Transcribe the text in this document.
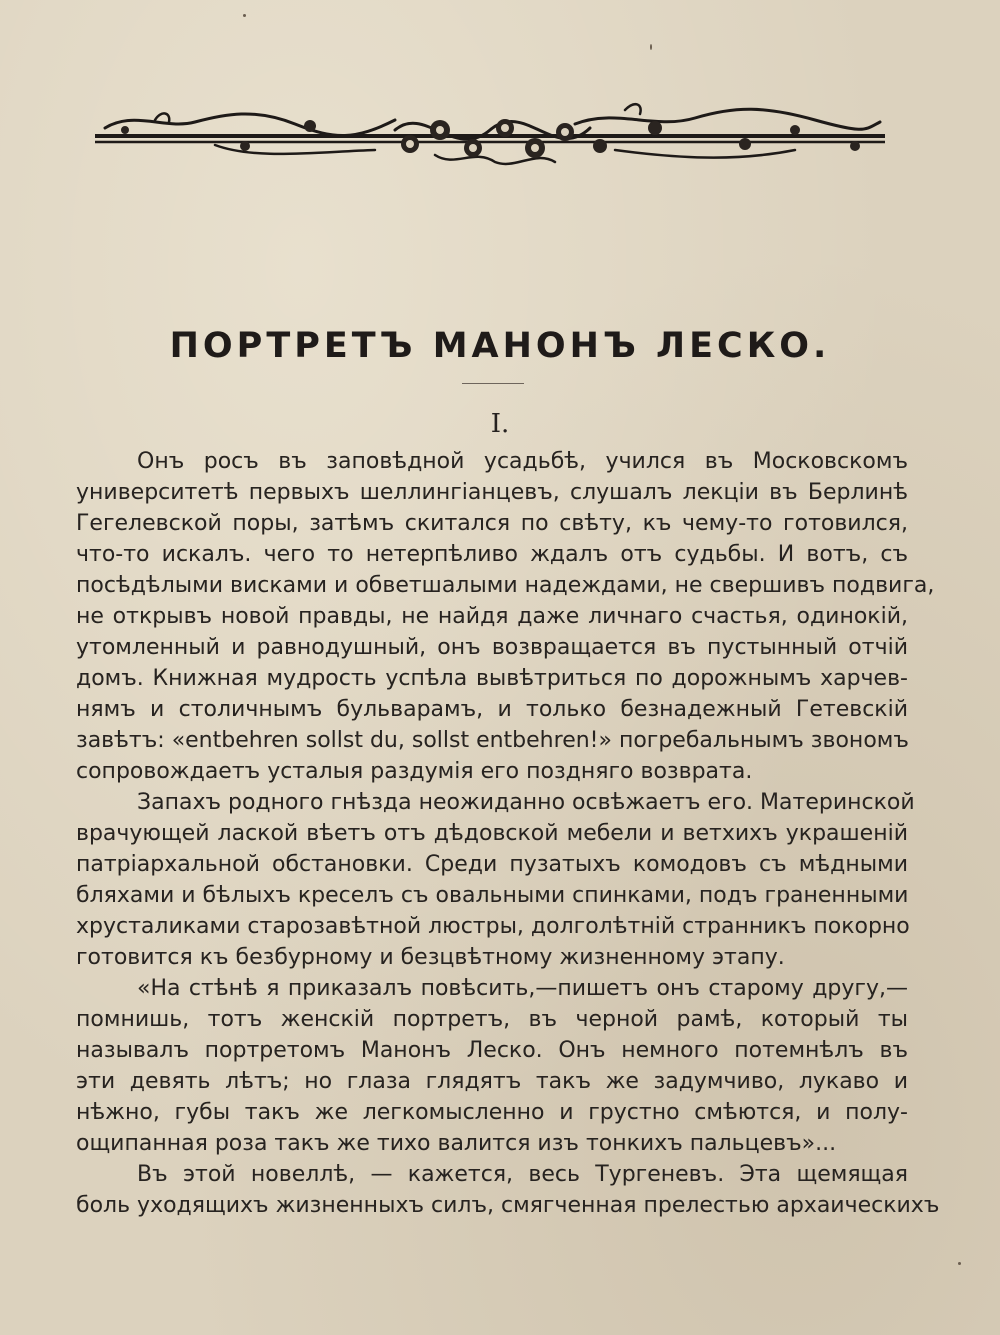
ПОРТРЕТЪ МАНОНЪ ЛЕСКО.
I.
Онъ росъ въ заповѣдной усадьбѣ, учился въ Московскомъ
университетѣ первыхъ шеллингіанцевъ, слушалъ лекціи въ Берлинѣ
Гегелевской поры, затѣмъ скитался по свѣту, къ чему-то готовился,
что-то искалъ. чего то нетерпѣливо ждалъ отъ судьбы. И вотъ, съ
посѣдѣлыми висками и обветшалыми надеждами, не свершивъ подвига,
не открывъ новой правды, не найдя даже личнаго счастья, одинокій,
утомленный и равнодушный, онъ возвращается въ пустынный отчій
домъ. Книжная мудрость успѣла вывѣтриться по дорожнымъ харчев-
нямъ и столичнымъ бульварамъ, и только безнадежный Гетевскій
завѣтъ: «entbehren sollst du, sollst entbehren!» погребальнымъ звономъ
сопровождаетъ усталыя раздумія его поздняго возврата.
Запахъ родного гнѣзда неожиданно освѣжаетъ его. Материнской
врачующей лаской вѣетъ отъ дѣдовской мебели и ветхихъ украшеній
патріархальной обстановки. Среди пузатыхъ комодовъ съ мѣдными
бляхами и бѣлыхъ креселъ съ овальными спинками, подъ граненными
хрусталиками старозавѣтной люстры, долголѣтній странникъ покорно
готовится къ безбурному и безцвѣтному жизненному этапу.
«На стѣнѣ я приказалъ повѣсить,—пишетъ онъ старому другу,—
помнишь, тотъ женскій портретъ, въ черной рамѣ, который ты
называлъ портретомъ Манонъ Леско. Онъ немного потемнѣлъ въ
эти девять лѣтъ; но глаза глядятъ такъ же задумчиво, лукаво и
нѣжно, губы такъ же легкомысленно и грустно смѣются, и полу-
ощипанная роза такъ же тихо валится изъ тонкихъ пальцевъ»...
Въ этой новеллѣ, — кажется, весь Тургеневъ. Эта щемящая
боль уходящихъ жизненныхъ силъ, смягченная прелестью архаическихъ
